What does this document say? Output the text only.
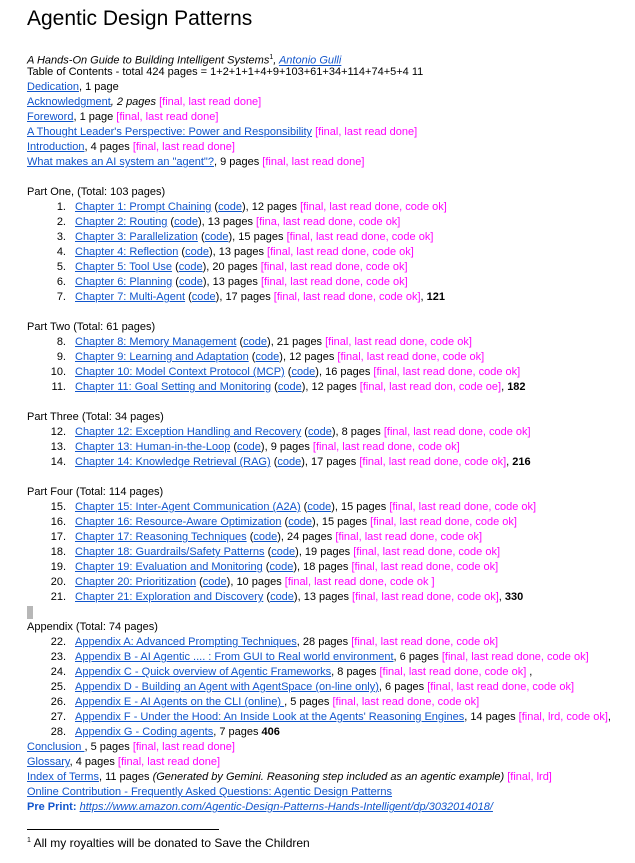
Agentic Design Patterns
A Hands-On Guide to Building Intelligent Systems$^1$, Antonio Gulli
Table of Contents - total 424 pages = 1+2+1+1+4+9+103+61+34+114+74+5+4 11
Dedication, 1 page
Acknowledgment, 2 pages [final, last read done]
Foreword, 1 page [final, last read done]
A Thought Leader's Perspective: Power and Responsibility [final, last read done]
Introduction, 4 pages [final, last read done]
What makes an AI system an "agent"?, 9 pages [final, last read done]
Part One, (Total: 103 pages)
1. Chapter 1: Prompt Chaining (code), 12 pages [final, last read done, code ok]
2. Chapter 2: Routing (code), 13 pages [fina, last read done, code ok]
3. Chapter 3: Parallelization (code), 15 pages [final, last read done, code ok]
4. Chapter 4: Reflection (code), 13 pages [final, last read done, code ok]
5. Chapter 5: Tool Use (code), 20 pages [final, last read done, code ok]
6. Chapter 6: Planning (code), 13 pages [final, last read done, code ok]
7. Chapter 7: Multi-Agent (code), 17 pages [final, last read done, code ok], 121
Part Two (Total: 61 pages)
8. Chapter 8: Memory Management (code), 21 pages [final, last read done, code ok]
9. Chapter 9: Learning and Adaptation (code), 12 pages [final, last read done, code ok]
10. Chapter 10: Model Context Protocol (MCP) (code), 16 pages [final, last read done, code ok]
11. Chapter 11: Goal Setting and Monitoring (code), 12 pages [final, last read don, code oe], 182
Part Three (Total: 34 pages)
12. Chapter 12: Exception Handling and Recovery (code), 8 pages [final, last read done, code ok]
13. Chapter 13: Human-in-the-Loop (code), 9 pages [final, last read done, code ok]
14. Chapter 14: Knowledge Retrieval (RAG) (code), 17 pages [final, last read done, code ok], 216
Part Four (Total: 114 pages)
15. Chapter 15: Inter-Agent Communication (A2A) (code), 15 pages [final, last read done, code ok]
16. Chapter 16: Resource-Aware Optimization (code), 15 pages [final, last read done, code ok]
17. Chapter 17: Reasoning Techniques (code), 24 pages [final, last read done, code ok]
18. Chapter 18: Guardrails/Safety Patterns (code), 19 pages [final, last read done, code ok]
19. Chapter 19: Evaluation and Monitoring (code), 18 pages [final, last read done, code ok]
20. Chapter 20: Prioritization (code), 10 pages [final, last read done, code ok ]
21. Chapter 21: Exploration and Discovery (code), 13 pages [final, last read done, code ok], 330
Appendix (Total: 74 pages)
22. Appendix A: Advanced Prompting Techniques, 28 pages [final, last read done, code ok]
23. Appendix B - AI Agentic .... : From GUI to Real world environment, 6 pages [final, last read done, code ok]
24. Appendix C - Quick overview of Agentic Frameworks, 8 pages [final, last read done, code ok] ,
25. Appendix D - Building an Agent with AgentSpace (on-line only), 6 pages [final, last read done, code ok]
26. Appendix E - AI Agents on the CLI (online) , 5 pages [final, last read done, code ok]
27. Appendix F - Under the Hood: An Inside Look at the Agents' Reasoning Engines, 14 pages [final, lrd, code ok],
28. Appendix G - Coding agents, 7 pages 406
Conclusion , 5 pages [final, last read done]
Glossary, 4 pages [final, last read done]
Index of Terms, 11 pages (Generated by Gemini. Reasoning step included as an agentic example) [final, lrd]
Online Contribution - Frequently Asked Questions: Agentic Design Patterns
Pre Print: https://www.amazon.com/Agentic-Design-Patterns-Hands-Intelligent/dp/3032014018/
$^1$ All my royalties will be donated to Save the Children
